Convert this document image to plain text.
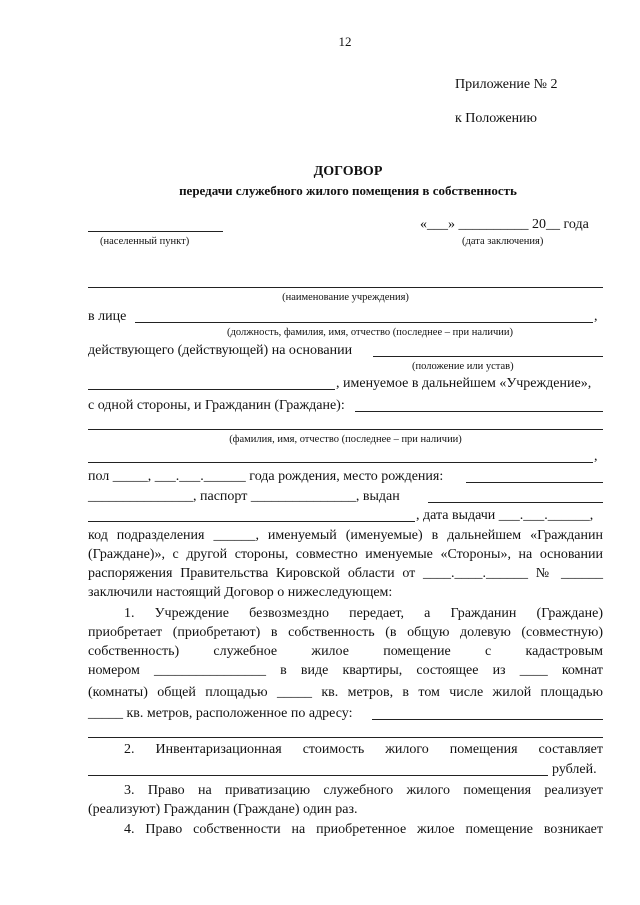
12
Приложение № 2
к Положению
ДОГОВОР
передачи служебного жилого помещения в собственность
(населенный пункт)
«___» __________ 20__ года
(дата заключения)
(наименование учреждения)
в лице	,
(должность, фамилия, имя, отчество (последнее – при наличии)
действующего (действующей) на основании
(положение или устав)
, именуемое в дальнейшем «Учреждение»,
с одной стороны, и Гражданин (Граждане):
(фамилия, имя, отчество (последнее – при наличии)
,
пол _____, ___.___.______ года рождения, место рождения:
_______________, паспорт _______________, выдан
, дата выдачи ___.___.______,
код подразделения ______, именуемый (именуемые) в дальнейшем «Гражданин
(Граждане)», с другой стороны, совместно именуемые «Стороны», на основании
распоряжения Правительства Кировской области от ____.____.______ № ______
заключили настоящий Договор о нижеследующем:
1. Учреждение безвозмездно передает, а Гражданин (Граждане)
приобретает (приобретают) в собственность (в общую долевую (совместную)
собственность) служебное жилое помещение с кадастровым
номером ________________ в виде квартиры, состоящее из ____ комнат
(комнаты) общей площадью _____ кв. метров, в том числе жилой площадью
_____ кв. метров, расположенное по адресу:
2. Инвентаризационная стоимость жилого помещения составляет
рублей.
3. Право на приватизацию служебного жилого помещения реализует
(реализуют) Гражданин (Граждане) один раз.
4. Право собственности на приобретенное жилое помещение возникает
